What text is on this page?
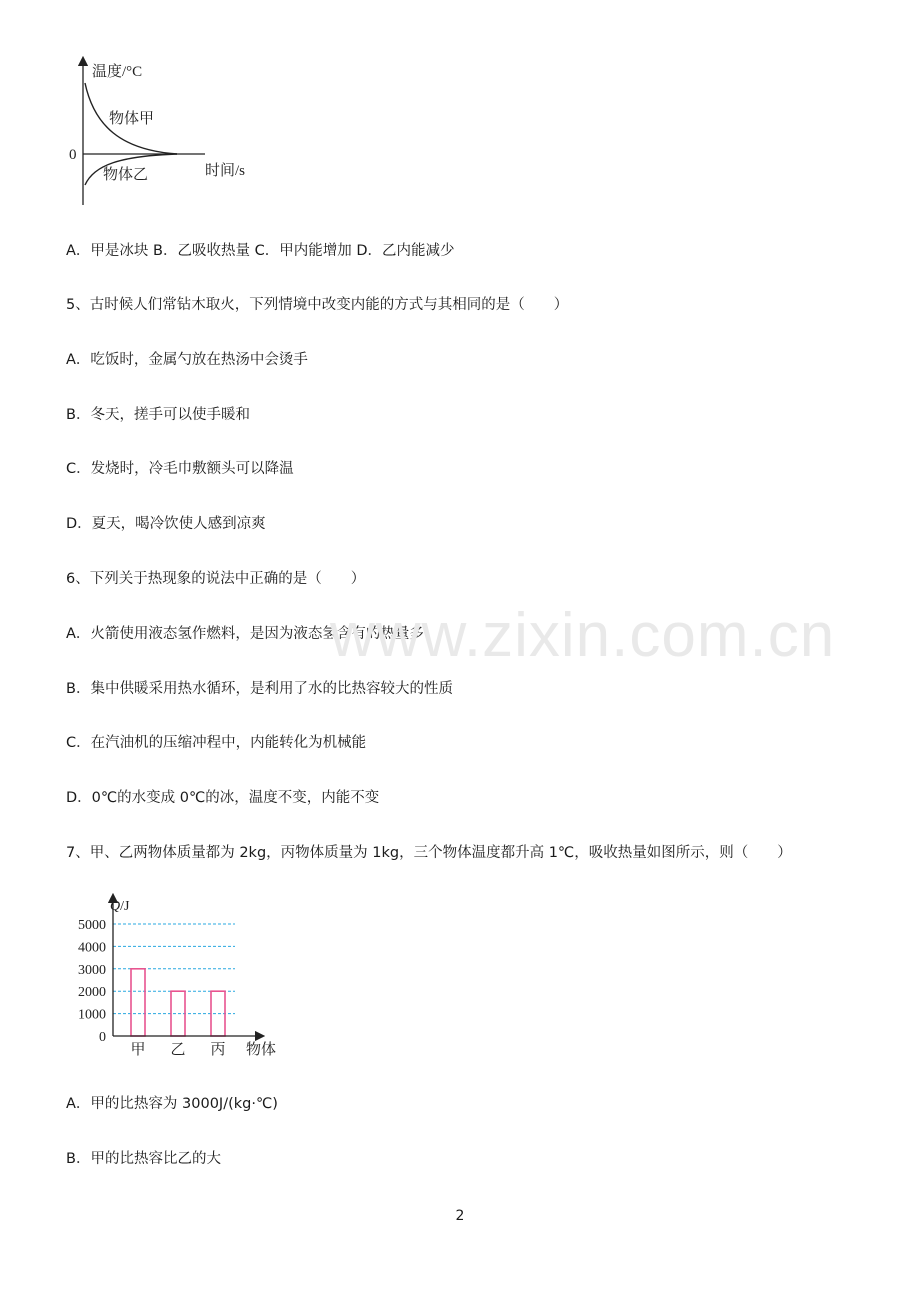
温度/°C
0
时间/s
物体甲
物体乙
A．甲是冰块 B．乙吸收热量 C．甲内能增加 D．乙内能减少
5、古时候人们常钻木取火，下列情境中改变内能的方式与其相同的是（　　）
A．吃饭时，金属勺放在热汤中会烫手
B．冬天，搓手可以使手暖和
C．发烧时，冷毛巾敷额头可以降温
D．夏天，喝冷饮使人感到凉爽
6、下列关于热现象的说法中正确的是（　　）
A．火箭使用液态氢作燃料，是因为液态氢含有的热量多
B．集中供暖采用热水循环，是利用了水的比热容较大的性质
C．在汽油机的压缩冲程中，内能转化为机械能
D．0℃的水变成 0℃的冰，温度不变，内能不变
7、甲、乙两物体质量都为 2kg，丙物体质量为 1kg，三个物体温度都升高 1℃，吸收热量如图所示，则（　　）
0
1000
2000
3000
4000
5000
甲 乙 丙
Q/J
物体
A．甲的比热容为 3000J/(kg·℃)
B．甲的比热容比乙的大
www.zixin.com.cn
2
